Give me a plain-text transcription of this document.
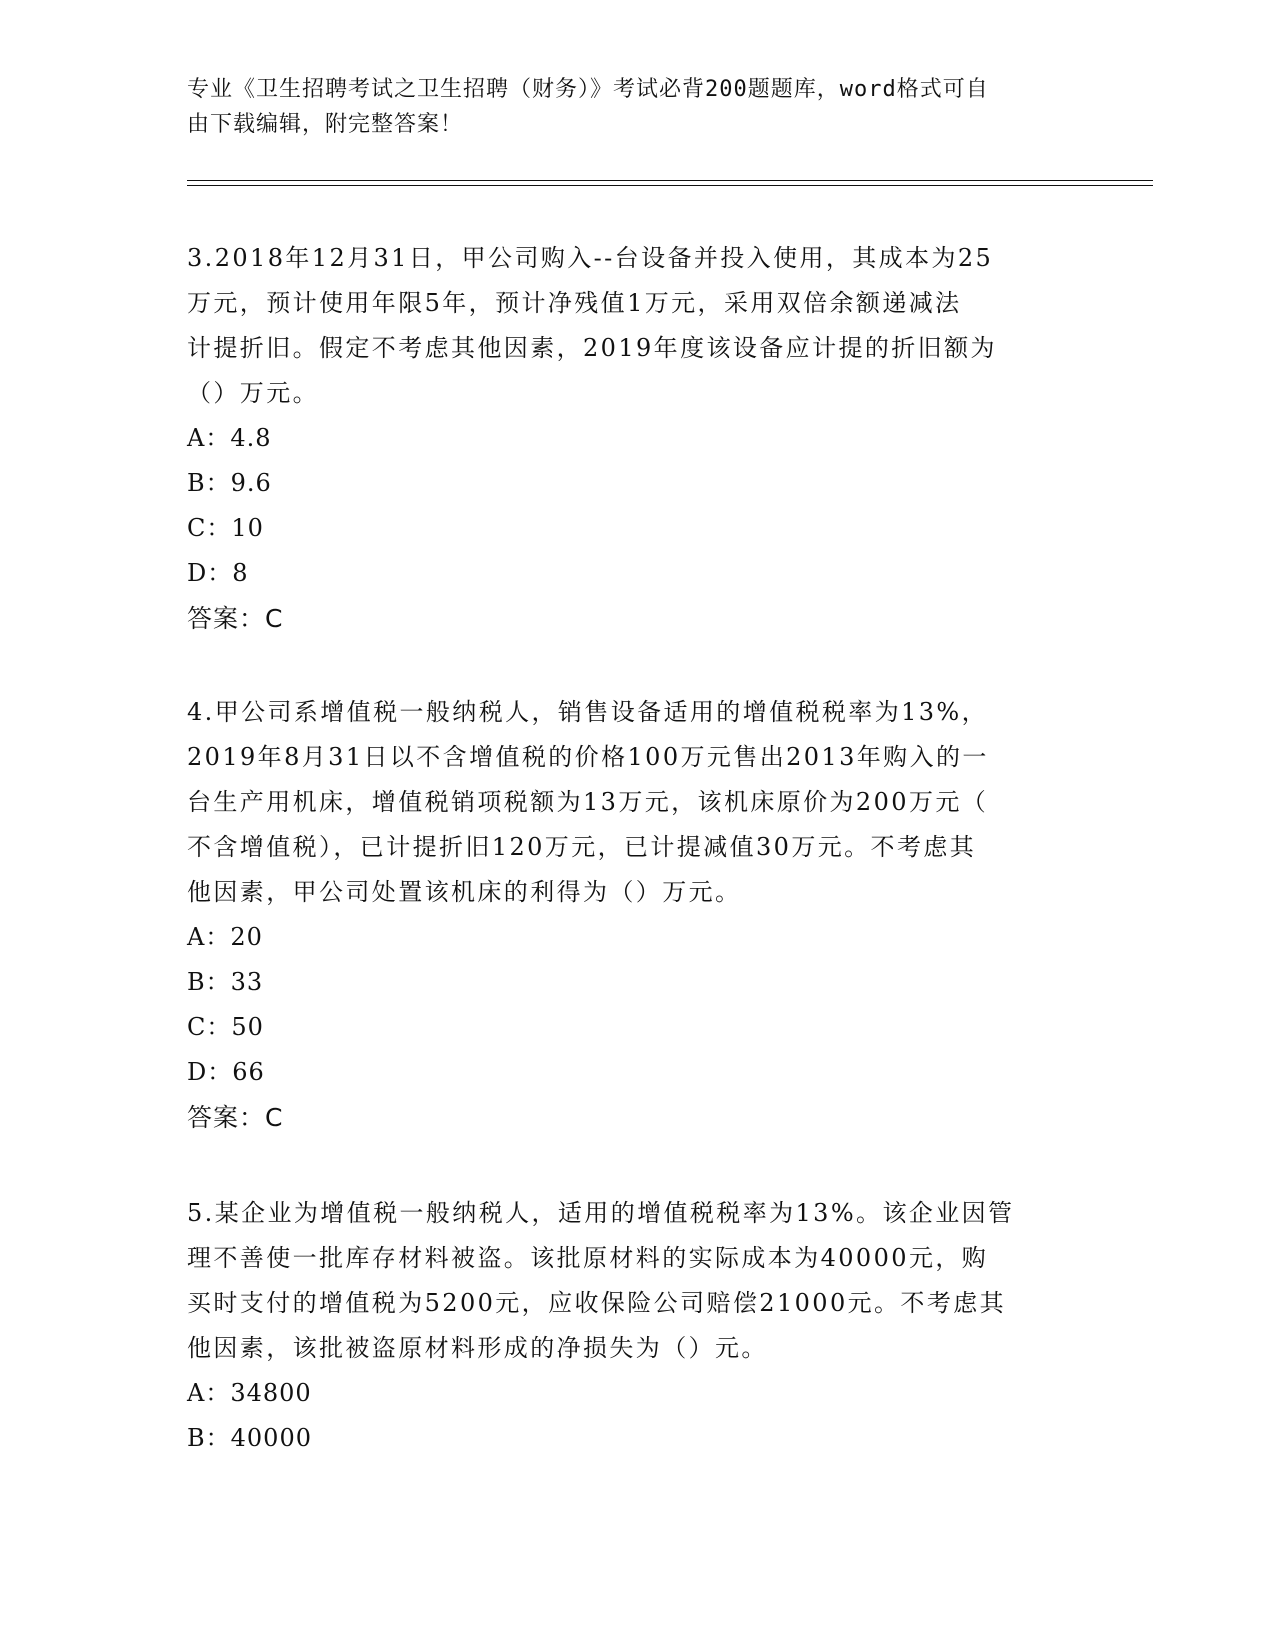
专业《卫生招聘考试之卫生招聘（财务）》考试必背200题题库，word格式可自
由下载编辑，附完整答案！

3.2018年12月31日，甲公司购入--台设备并投入使用，其成本为25
万元，预计使用年限5年，预计净残值1万元，采用双倍余额递减法
计提折旧。假定不考虑其他因素，2019年度该设备应计提的折旧额为
（）万元。

A：4.8

B：9.6

C：10

D：8

答案：C

4.甲公司系增值税一般纳税人，销售设备适用的增值税税率为13%，
2019年8月31日以不含增值税的价格100万元售出2013年购入的一
台生产用机床，增值税销项税额为13万元，该机床原价为200万元（
不含增值税），已计提折旧120万元，已计提减值30万元。不考虑其
他因素，甲公司处置该机床的利得为（）万元。

A：20

B：33

C：50

D：66

答案：C

5.某企业为增值税一般纳税人，适用的增值税税率为13%。该企业因管
理不善使一批库存材料被盗。该批原材料的实际成本为40000元，购
买时支付的增值税为5200元，应收保险公司赔偿21000元。不考虑其
他因素，该批被盗原材料形成的净损失为（）元。

A：34800

B：40000
